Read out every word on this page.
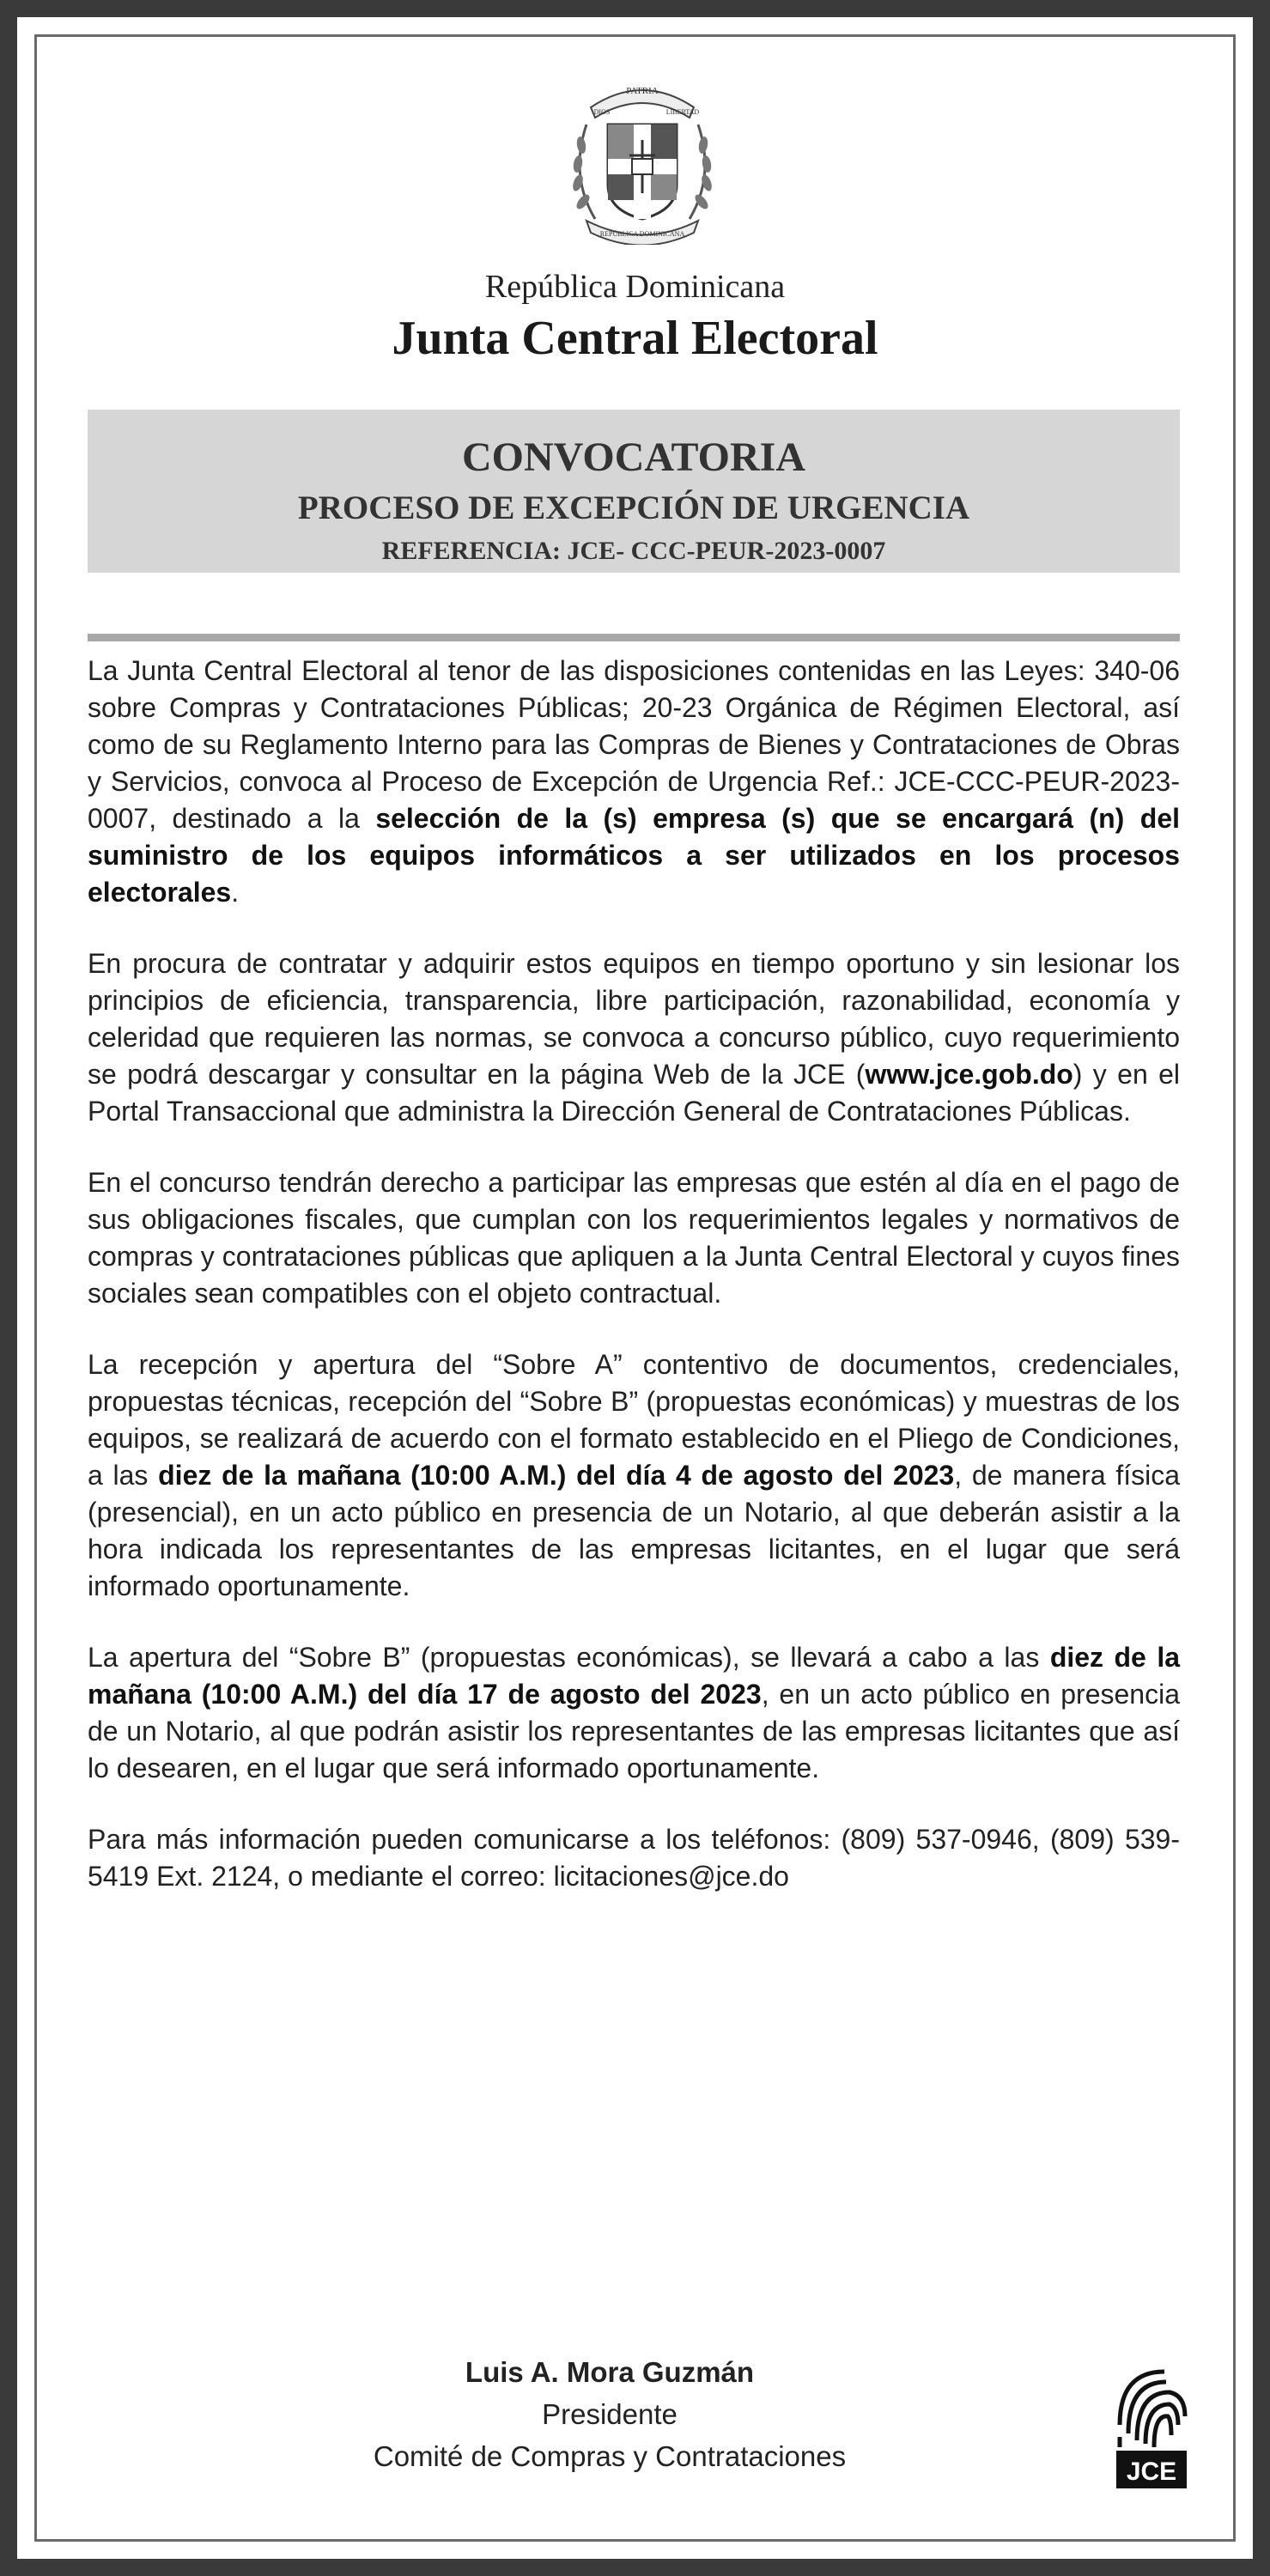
PATRIA
DIOS	LIBERTAD
REPÚBLICA DOMINICANA
República Dominicana
Junta Central Electoral
CONVOCATORIA
PROCESO DE EXCEPCIÓN DE URGENCIA
REFERENCIA: JCE- CCC-PEUR-2023-0007

La Junta Central Electoral al tenor de las disposiciones contenidas en las Leyes: 340-06 sobre Compras y Contrataciones Públicas; 20-23 Orgánica de Régimen Electoral, así como de su Reglamento Interno para las Compras de Bienes y Contrataciones de Obras y Servicios, convoca al Proceso de Excepción de Urgencia Ref.: JCE-CCC-PEUR-2023-0007, destinado a la selección de la (s) empresa (s) que se encargará (n) del suministro de los equipos informáticos a ser utilizados en los procesos electorales.

En procura de contratar y adquirir estos equipos en tiempo oportuno y sin lesionar los principios de eficiencia, transparencia, libre participación, razonabilidad, economía y celeridad que requieren las normas, se convoca a concurso público, cuyo requerimiento se podrá descargar y consultar en la página Web de la JCE (www.jce.gob.do) y en el Portal Transaccional que administra la Dirección General de Contrataciones Públicas.

En el concurso tendrán derecho a participar las empresas que estén al día en el pago de sus obligaciones fiscales, que cumplan con los requerimientos legales y normativos de compras y contrataciones públicas que apliquen a la Junta Central Electoral y cuyos fines sociales sean compatibles con el objeto contractual.

La recepción y apertura del “Sobre A” contentivo de documentos, credenciales, propuestas técnicas, recepción del “Sobre B” (propuestas económicas) y muestras de los equipos, se realizará de acuerdo con el formato establecido en el Pliego de Condiciones, a las diez de la mañana (10:00 A.M.) del día 4 de agosto del 2023, de manera física (presencial), en un acto público en presencia de un Notario, al que deberán asistir a la hora indicada los representantes de las empresas licitantes, en el lugar que será informado oportunamente.

La apertura del “Sobre B” (propuestas económicas), se llevará a cabo a las diez de la mañana (10:00 A.M.) del día 17 de agosto del 2023, en un acto público en presencia de un Notario, al que podrán asistir los representantes de las empresas licitantes que así lo desearen, en el lugar que será informado oportunamente.

Para más información pueden comunicarse a los teléfonos: (809) 537-0946, (809) 539-5419 Ext. 2124, o mediante el correo: licitaciones@jce.do

Luis A. Mora Guzmán
Presidente
Comité de Compras y Contrataciones	JCE
